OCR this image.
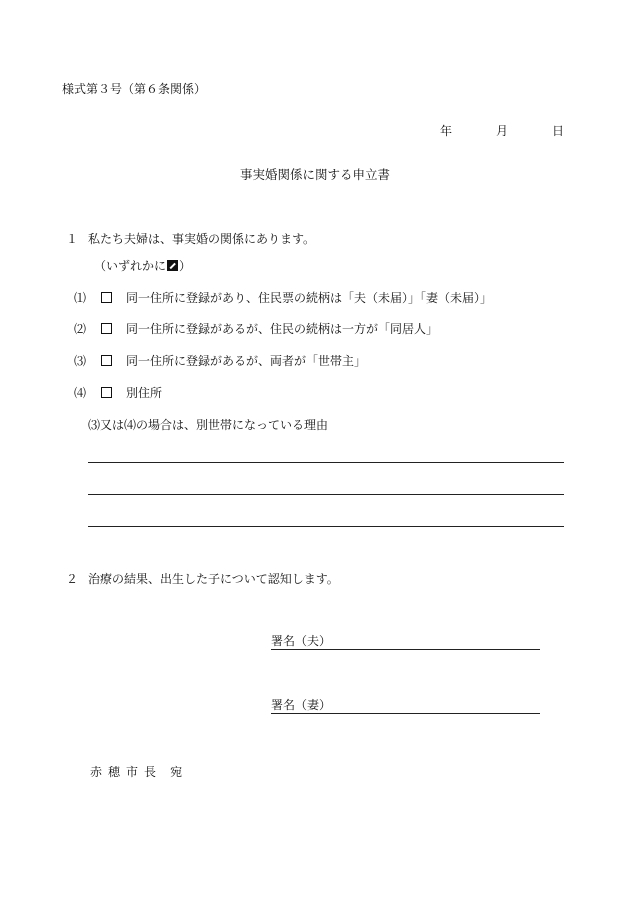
様式第３号（第６条関係）
年	月	日
事実婚関係に関する申立書
１ 私たち夫婦は、事実婚の関係にあります。
（いずれかに ）
⑴	同一住所に登録があり、住民票の続柄は「夫（未届）」「妻（未届）」
⑵	同一住所に登録があるが、住民の続柄は一方が「同居人」
⑶	同一住所に登録があるが、両者が「世帯主」
⑷	別住所
⑶又は⑷の場合は、別世帯になっている理由
２ 治療の結果、出生した子について認知します。
署名（夫）
署名（妻）
赤 穂 市 長 宛
